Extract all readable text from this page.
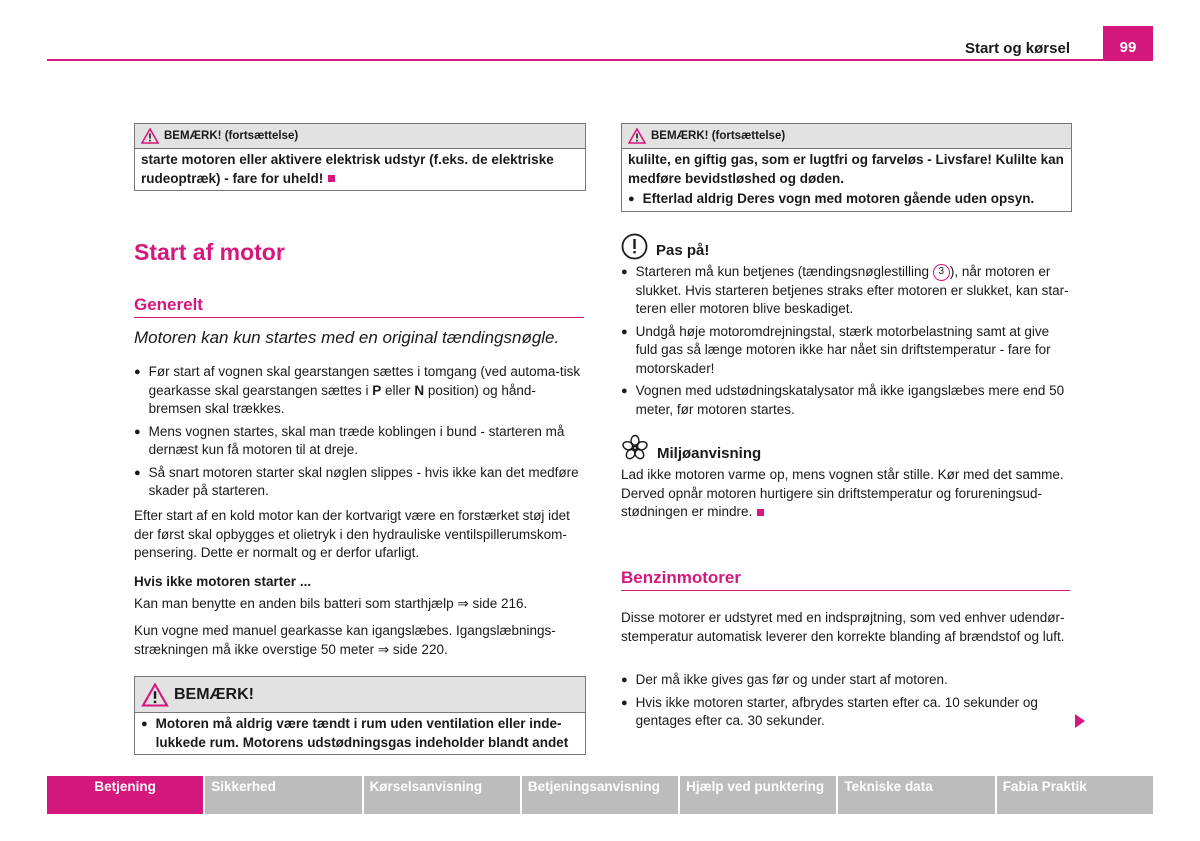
Start og kørsel	99
BEMÆRK! (fortsættelse)
starte motoren eller aktivere elektrisk udstyr (f.eks. de elektriske rudeoptræk) - fare for uheld!
Start af motor
Generelt
Motoren kan kun startes med en original tændingsnøgle.
● Før start af vognen skal gearstangen sættes i tomgang (ved automa-tisk gearkasse skal gearstangen sættes i P eller N position) og hånd-bremsen skal trækkes.
● Mens vognen startes, skal man træde koblingen i bund - starteren må dernæst kun få motoren til at dreje.
● Så snart motoren starter skal nøglen slippes - hvis ikke kan det medføre skader på starteren.
Efter start af en kold motor kan der kortvarigt være en forstærket støj idet der først skal opbygges et olietryk i den hydrauliske ventilspillerumskom-pensering. Dette er normalt og er derfor ufarligt.
Hvis ikke motoren starter ...
Kan man benytte en anden bils batteri som starthjælp ⇒ side 216.
Kun vogne med manuel gearkasse kan igangslæbes. Igangslæbnings-strækningen må ikke overstige 50 meter ⇒ side 220.
BEMÆRK!
● Motoren må aldrig være tændt i rum uden ventilation eller inde-lukkede rum. Motorens udstødningsgas indeholder blandt andet
BEMÆRK! (fortsættelse)
kulilte, en giftig gas, som er lugtfri og farveløs - Livsfare! Kulilte kan medføre bevidstløshed og døden.
● Efterlad aldrig Deres vogn med motoren gående uden opsyn.
Pas på!
● Starteren må kun betjenes (tændingsnøglestilling 3 ), når motoren er slukket. Hvis starteren betjenes straks efter motoren er slukket, kan star-teren eller motoren blive beskadiget.
● Undgå høje motoromdrejningstal, stærk motorbelastning samt at give fuld gas så længe motoren ikke har nået sin driftstemperatur - fare for motorskader!
● Vognen med udstødningskatalysator må ikke igangslæbes mere end 50 meter, før motoren startes.
Miljøanvisning
Lad ikke motoren varme op, mens vognen står stille. Kør med det samme. Derved opnår motoren hurtigere sin driftstemperatur og forureningsud-stødningen er mindre.
Benzinmotorer
Disse motorer er udstyret med en indsprøjtning, som ved enhver udendør-stemperatur automatisk leverer den korrekte blanding af brændstof og luft.
● Der må ikke gives gas før og under start af motoren.
● Hvis ikke motoren starter, afbrydes starten efter ca. 10 sekunder og gentages efter ca. 30 sekunder.
Betjening	Sikkerhed	Kørselsanvisning	Betjeningsanvisning	Hjælp ved punktering	Tekniske data	Fabia Praktik
